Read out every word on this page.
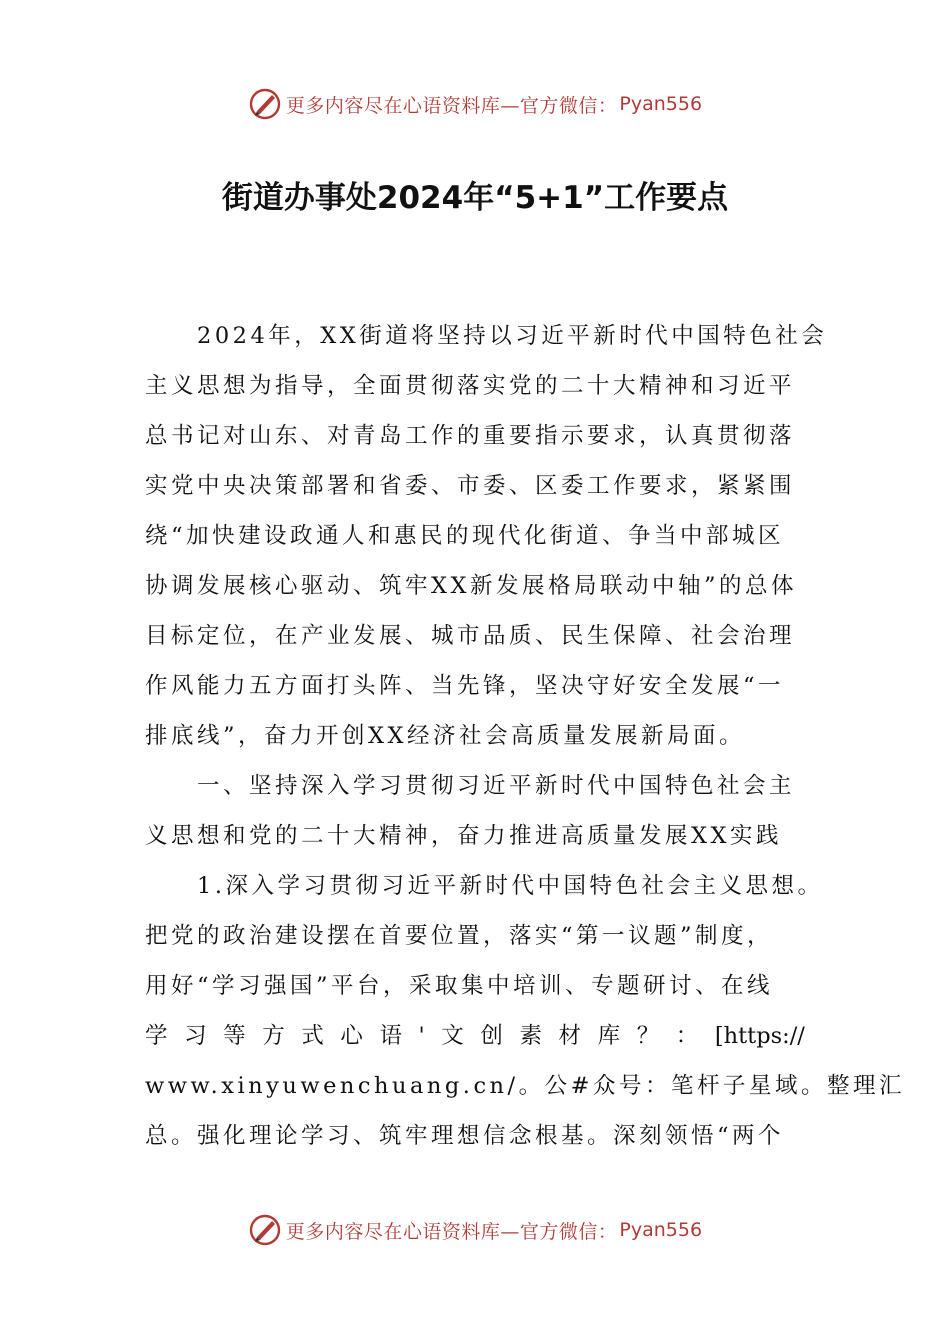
更多内容尽在心语资料库—官方微信： Pyan556
街道办事处2024年“5+1”工作要点
2024年，XX街道将坚持以习近平新时代中国特色社会
主义思想为指导，全面贯彻落实党的二十大精神和习近平
总书记对山东、对青岛工作的重要指示要求，认真贯彻落
实党中央决策部署和省委、市委、区委工作要求，紧紧围
绕“加快建设政通人和惠民的现代化街道、争当中部城区
协调发展核心驱动、筑牢XX新发展格局联动中轴”的总体
目标定位，在产业发展、城市品质、民生保障、社会治理
作风能力五方面打头阵、当先锋，坚决守好安全发展“一
排底线”，奋力开创XX经济社会高质量发展新局面。
一、坚持深入学习贯彻习近平新时代中国特色社会主
义思想和党的二十大精神，奋力推进高质量发展XX实践
1.深入学习贯彻习近平新时代中国特色社会主义思想。
把党的政治建设摆在首要位置，落实“第一议题”制度，
用好“学习强国”平台，采取集中培训、专题研讨、在线
学 习 等 方 式 心 语 ' 文 创 素 材 库 ？ ： [https://
www.xinyuwenchuang.cn/。公#众号：笔杆子星域。整理汇
总。强化理论学习、筑牢理想信念根基。深刻领悟“两个
更多内容尽在心语资料库—官方微信： Pyan556
